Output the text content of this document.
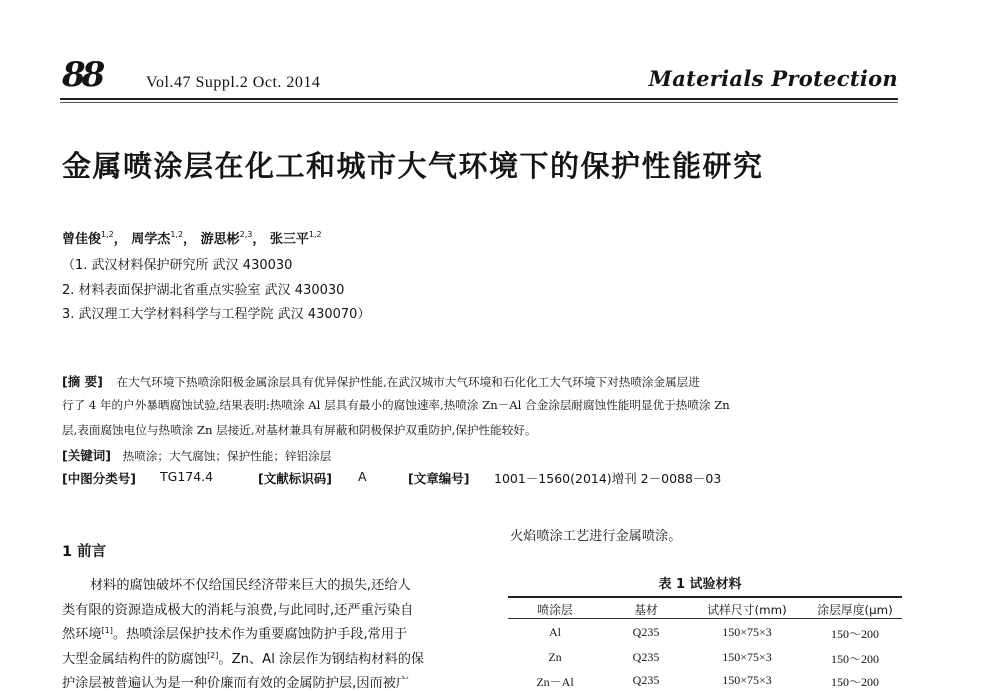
88	Vol.47 Suppl.2 Oct. 2014	Materials Protection
金属喷涂层在化工和城市大气环境下的保护性能研究
曾佳俊$^{1,2}$， 周学杰$^{1,2}$， 游思彬$^{2,3}$， 张三平$^{1,2}$
（1. 武汉材料保护研究所 武汉 430030
2. 材料表面保护湖北省重点实验室 武汉 430030
3. 武汉理工大学材料科学与工程学院 武汉 430070）
[摘 要] 在大气环境下热喷涂阳极金属涂层具有优异保护性能,在武汉城市大气环境和石化化工大气环境下对热喷涂金属层进
行了 4 年的户外暴晒腐蚀试验,结果表明:热喷涂 Al 层具有最小的腐蚀速率,热喷涂 Zn－Al 合金涂层耐腐蚀性能明显优于热喷涂 Zn
层,表面腐蚀电位与热喷涂 Zn 层接近,对基材兼具有屏蔽和阴极保护双重防护,保护性能较好。
[关键词] 热喷涂；大气腐蚀；保护性能；锌铝涂层
[中图分类号] TG174.4	[文献标识码] A	[文章编号] 1001－1560(2014)增刊 2－0088－03
1 前言
材料的腐蚀破坏不仅给国民经济带来巨大的损失,还给人
类有限的资源造成极大的消耗与浪费,与此同时,还严重污染自
然环境[1]。热喷涂层保护技术作为重要腐蚀防护手段,常用于
大型金属结构件的防腐蚀[2]。Zn、Al 涂层作为钢结构材料的保
护涂层被普遍认为是一种价廉而有效的金属防护层,因而被广
火焰喷涂工艺进行金属喷涂。
表 1 试验材料
喷涂层	基材	试样尺寸(mm)	涂层厚度(μm)
Al	Q235	150×75×3	150～200
Zn	Q235	150×75×3	150～200
Zn－Al	Q235	150×75×3	150～200
